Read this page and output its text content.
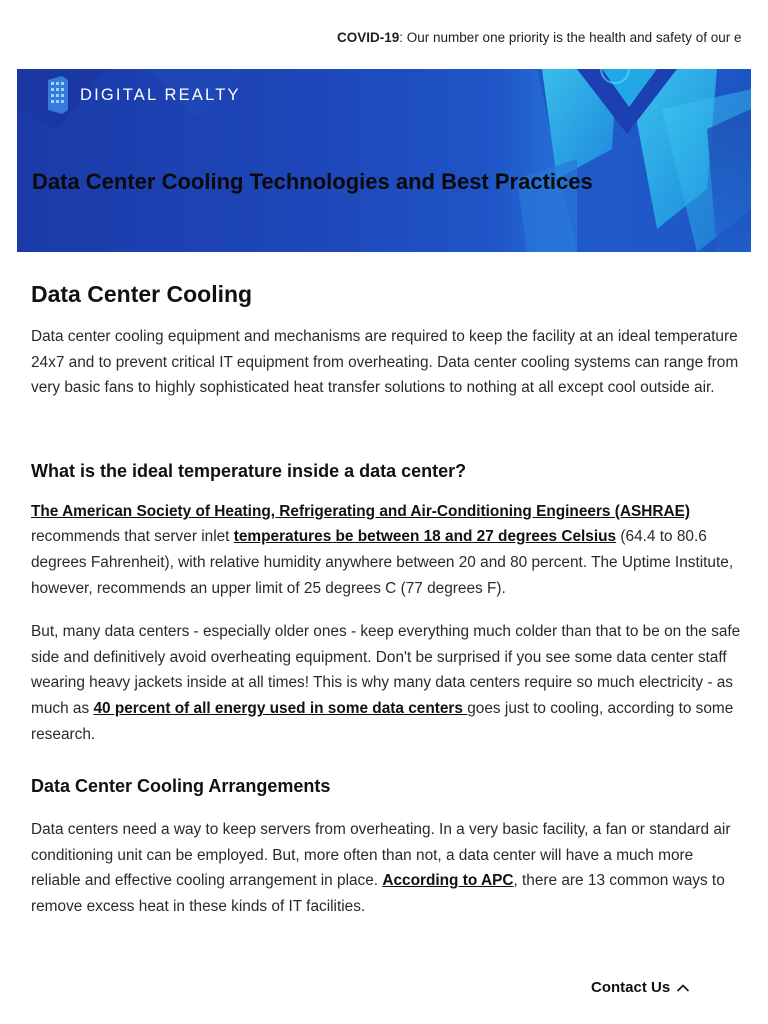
COVID-19: Our number one priority is the health and safety of our e
DIGITAL REALTY
Data Center Cooling Technologies and Best Practices
Data Center Cooling

Data center cooling equipment and mechanisms are required to keep the facility at an ideal temperature 24x7 and to prevent critical IT equipment from overheating. Data center cooling systems can range from very basic fans to highly sophisticated heat transfer solutions to nothing at all except cool outside air.

What is the ideal temperature inside a data center?

The American Society of Heating, Refrigerating and Air-Conditioning Engineers (ASHRAE) recommends that server inlet temperatures be between 18 and 27 degrees Celsius (64.4 to 80.6 degrees Fahrenheit), with relative humidity anywhere between 20 and 80 percent. The Uptime Institute, however, recommends an upper limit of 25 degrees C (77 degrees F).

But, many data centers - especially older ones - keep everything much colder than that to be on the safe side and definitively avoid overheating equipment. Don't be surprised if you see some data center staff wearing heavy jackets inside at all times! This is why many data centers require so much electricity - as much as 40 percent of all energy used in some data centers goes just to cooling, according to some research.

Data Center Cooling Arrangements

Data centers need a way to keep servers from overheating. In a very basic facility, a fan or standard air conditioning unit can be employed. But, more often than not, a data center will have a much more reliable and effective cooling arrangement in place. According to APC, there are 13 common ways to remove excess heat in these kinds of IT facilities.

Contact Us
